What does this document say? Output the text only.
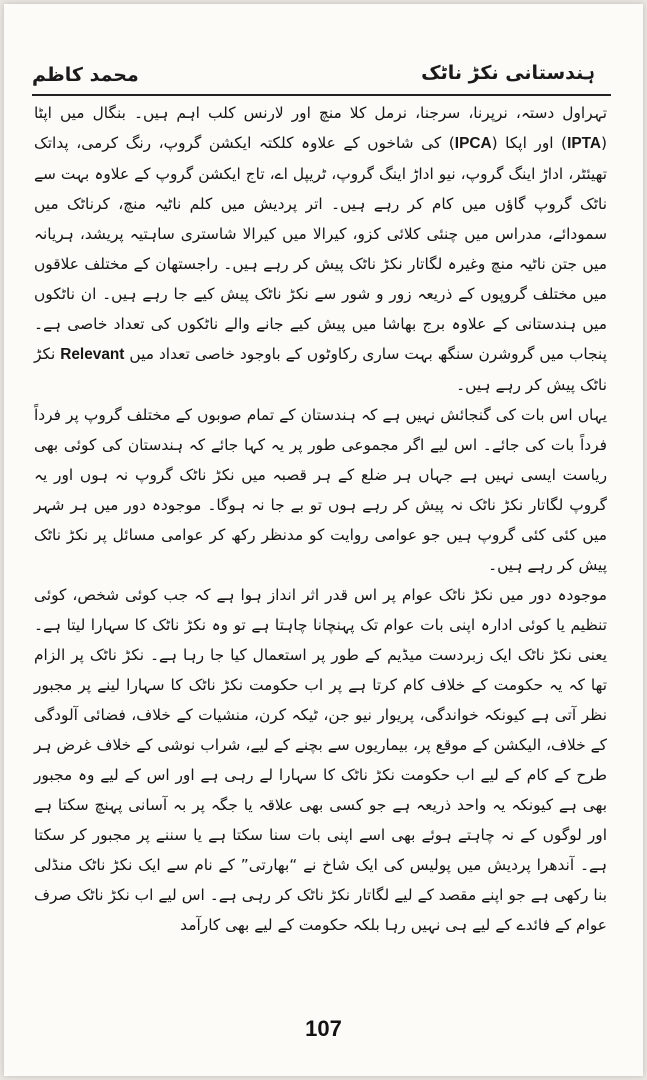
ہندستانی نکڑ ناٹک
محمد کاظم

تہراول دستہ، نرپرنا، سرجنا، نرمل کلا منچ اور لارنس کلب اہم ہیں۔ بنگال میں اپٹا (IPTA) اور اپکا (IPCA) کی شاخوں کے علاوہ کلکتہ ایکشن گروپ، رنگ کرمی، پداتک تھیئٹر، اداڑ اینگ گروپ، نیو اداڑ اینگ گروپ، ٹریپل اے، تاج ایکشن گروپ کے علاوہ بہت سے ناٹک گروپ گاؤں میں کام کر رہے ہیں۔ اتر پردیش میں کلم ناٹیہ منچ، کرناٹک میں سمودائے، مدراس میں چنئی کلائی کزو، کیرالا میں کیرالا شاستری ساہتیہ پریشد، ہریانہ میں جتن ناٹیہ منچ وغیرہ لگاتار نکڑ ناٹک پیش کر رہے ہیں۔ راجستھان کے مختلف علاقوں میں مختلف گروپوں کے ذریعہ زور و شور سے نکڑ ناٹک پیش کیے جا رہے ہیں۔ ان ناٹکوں میں ہندستانی کے علاوہ برج بھاشا میں پیش کیے جانے والے ناٹکوں کی تعداد خاصی ہے۔ پنجاب میں گروشرن سنگھ بہت ساری رکاوٹوں کے باوجود خاصی تعداد میں Relevant نکڑ ناٹک پیش کر رہے ہیں۔

یہاں اس بات کی گنجائش نہیں ہے کہ ہندستان کے تمام صوبوں کے مختلف گروپ پر فرداً فرداً بات کی جائے۔ اس لیے اگر مجموعی طور پر یہ کہا جائے کہ ہندستان کی کوئی بھی ریاست ایسی نہیں ہے جہاں ہر ضلع کے ہر قصبہ میں نکڑ ناٹک گروپ نہ ہوں اور یہ گروپ لگاتار نکڑ ناٹک نہ پیش کر رہے ہوں تو بے جا نہ ہوگا۔ موجودہ دور میں ہر شہر میں کئی کئی گروپ ہیں جو عوامی روایت کو مدنظر رکھ کر عوامی مسائل پر نکڑ ناٹک پیش کر رہے ہیں۔

موجودہ دور میں نکڑ ناٹک عوام پر اس قدر اثر انداز ہوا ہے کہ جب کوئی شخص، کوئی تنظیم یا کوئی ادارہ اپنی بات عوام تک پہنچانا چاہتا ہے تو وہ نکڑ ناٹک کا سہارا لیتا ہے۔ یعنی نکڑ ناٹک ایک زبردست میڈیم کے طور پر استعمال کیا جا رہا ہے۔ نکڑ ناٹک پر الزام تھا کہ یہ حکومت کے خلاف کام کرتا ہے پر اب حکومت نکڑ ناٹک کا سہارا لینے پر مجبور نظر آتی ہے کیونکہ خواندگی، پریوار نیو جن، ٹیکہ کرن، منشیات کے خلاف، فضائی آلودگی کے خلاف، الیکشن کے موقع پر، بیماریوں سے بچنے کے لیے، شراب نوشی کے خلاف غرض ہر طرح کے کام کے لیے اب حکومت نکڑ ناٹک کا سہارا لے رہی ہے اور اس کے لیے وہ مجبور بھی ہے کیونکہ یہ واحد ذریعہ ہے جو کسی بھی علاقہ یا جگہ پر بہ آسانی پہنچ سکتا ہے اور لوگوں کے نہ چاہتے ہوئے بھی اسے اپنی بات سنا سکتا ہے یا سننے پر مجبور کر سکتا ہے۔ آندھرا پردیش میں پولیس کی ایک شاخ نے “بھارتی” کے نام سے ایک نکڑ ناٹک منڈلی بنا رکھی ہے جو اپنے مقصد کے لیے لگاتار نکڑ ناٹک کر رہی ہے۔ اس لیے اب نکڑ ناٹک صرف عوام کے فائدے کے لیے ہی نہیں رہا بلکہ حکومت کے لیے بھی کارآمد

107
